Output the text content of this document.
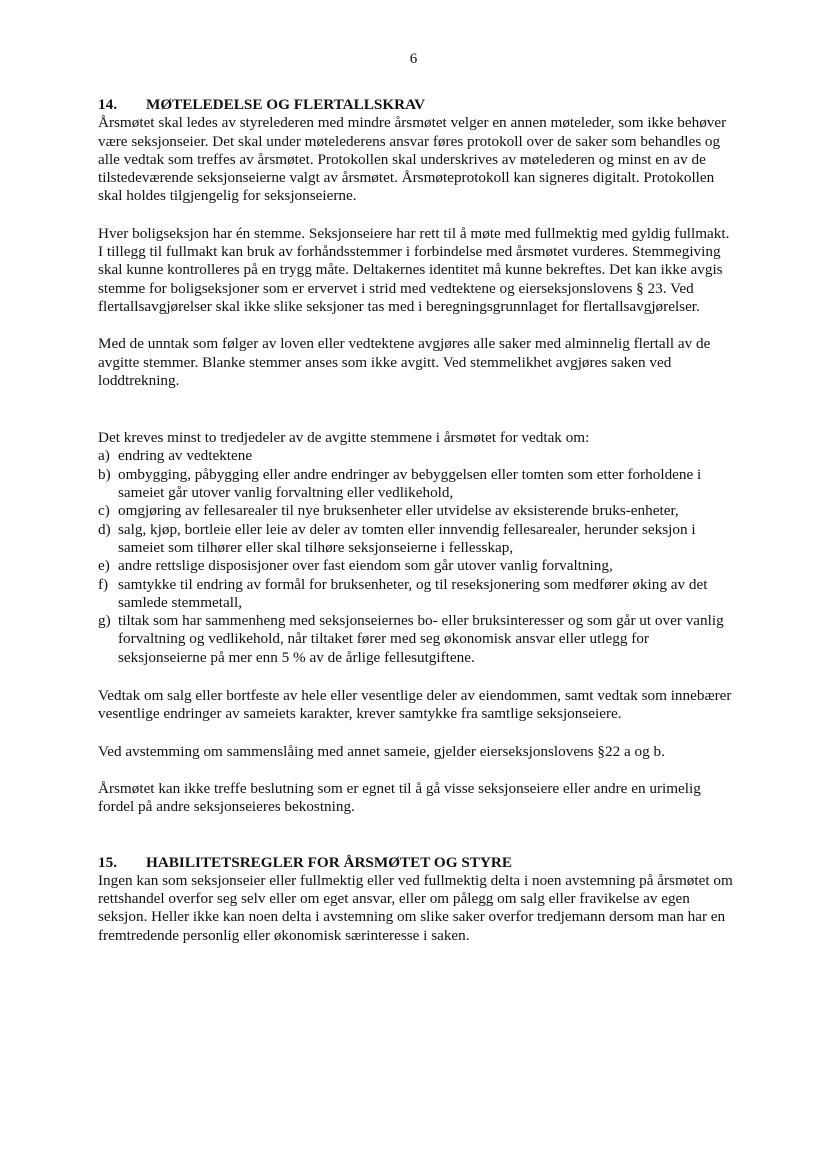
6
14.	MØTELEDELSE OG FLERTALLSKRAV

Årsmøtet skal ledes av styrelederen med mindre årsmøtet velger en annen møteleder, som ikke behøver være seksjonseier. Det skal under møtelederens ansvar føres protokoll over de saker som behandles og alle vedtak som treffes av årsmøtet. Protokollen skal underskrives av møtelederen og minst en av de tilstedeværende seksjonseierne valgt av årsmøtet. Årsmøteprotokoll kan signeres digitalt. Protokollen skal holdes tilgjengelig for seksjonseierne.

Hver boligseksjon har én stemme. Seksjonseiere har rett til å møte med fullmektig med gyldig fullmakt. I tillegg til fullmakt kan bruk av forhåndsstemmer i forbindelse med årsmøtet vurderes. Stemmegiving skal kunne kontrolleres på en trygg måte. Deltakernes identitet må kunne bekreftes. Det kan ikke avgis stemme for boligseksjoner som er ervervet i strid med vedtektene og eierseksjonslovens § 23. Ved flertallsavgjørelser skal ikke slike seksjoner tas med i beregningsgrunnlaget for flertallsavgjørelser.

Med de unntak som følger av loven eller vedtektene avgjøres alle saker med alminnelig flertall av de avgitte stemmer. Blanke stemmer anses som ikke avgitt. Ved stemmelikhet avgjøres saken ved loddtrekning.

Det kreves minst to tredjedeler av de avgitte stemmene i årsmøtet for vedtak om:

a) endring av vedtektene
b) ombygging, påbygging eller andre endringer av bebyggelsen eller tomten som etter forholdene i sameiet går utover vanlig forvaltning eller vedlikehold,
c) omgjøring av fellesarealer til nye bruksenheter eller utvidelse av eksisterende bruks-enheter,
d) salg, kjøp, bortleie eller leie av deler av tomten eller innvendig fellesarealer, herunder seksjon i sameiet som tilhører eller skal tilhøre seksjonseierne i fellesskap,
e) andre rettslige disposisjoner over fast eiendom som går utover vanlig forvaltning,
f) samtykke til endring av formål for bruksenheter, og til reseksjonering som medfører øking av det samlede stemmetall,
g) tiltak som har sammenheng med seksjonseiernes bo- eller bruksinteresser og som går ut over vanlig forvaltning og vedlikehold, når tiltaket fører med seg økonomisk ansvar eller utlegg for seksjonseierne på mer enn 5 % av de årlige fellesutgiftene.

Vedtak om salg eller bortfeste av hele eller vesentlige deler av eiendommen, samt vedtak som innebærer vesentlige endringer av sameiets karakter, krever samtykke fra samtlige seksjonseiere.

Ved avstemming om sammenslåing med annet sameie, gjelder eierseksjonslovens §22 a og b.

Årsmøtet kan ikke treffe beslutning som er egnet til å gå visse seksjonseiere eller andre en urimelig fordel på andre seksjonseieres bekostning.

15.	HABILITETSREGLER FOR ÅRSMØTET OG STYRE

Ingen kan som seksjonseier eller fullmektig eller ved fullmektig delta i noen avstemning på årsmøtet om rettshandel overfor seg selv eller om eget ansvar, eller om pålegg om salg eller fravikelse av egen seksjon. Heller ikke kan noen delta i avstemning om slike saker overfor tredjemann dersom man har en fremtredende personlig eller økonomisk særinteresse i saken.
